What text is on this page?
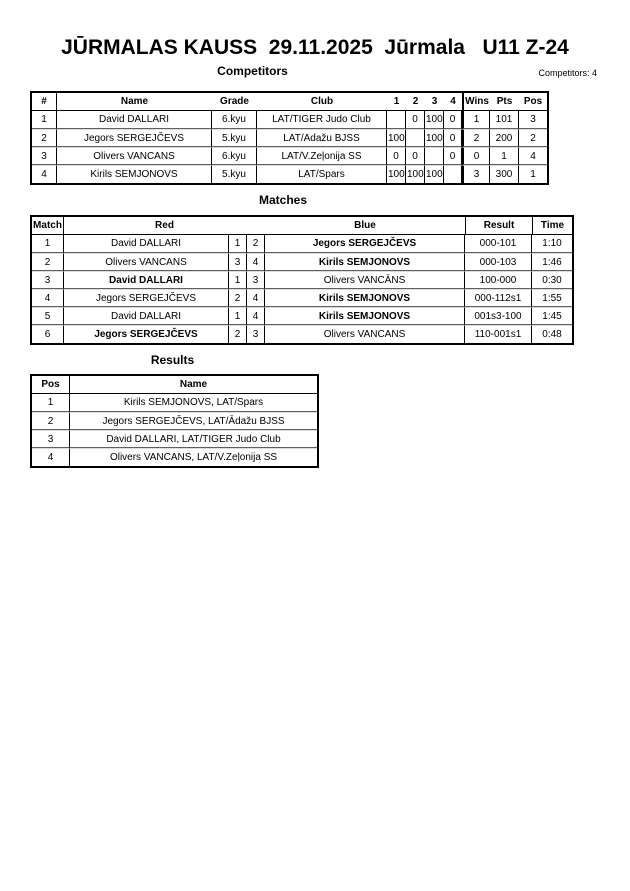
JŪRMALAS KAUSS  29.11.2025  Jūrmala   U11 Z-24
Competitors	Competitors: 4
#	Name	Grade	Club	1	2	3	4	Wins	Pts	Pos
1	David DALLARI	6.kyu	LAT/TIGER Judo Club		0	100	0	1	101	3
2	Jegors SERGEJČEVS	5.kyu	LAT/Adažu BJSS	100		100	0	2	200	2
3	Olivers VANCANS	6.kyu	LAT/V.Zeļonija SS	0	0		0	0	1	4
4	Kirils SEMJONOVS	5.kyu	LAT/Spars	100	100	100		3	300	1
Matches
Match	Red			Blue	Result	Time
1	David DALLARI	1	2	Jegors SERGEJČEVS	000-101	1:10
2	Olivers VANCANS	3	4	Kirils SEMJONOVS	000-103	1:46
3	David DALLARI	1	3	Olivers VANCĀNS	100-000	0:30
4	Jegors SERGEJČEVS	2	4	Kirils SEMJONOVS	000-112s1	1:55
5	David DALLARI	1	4	Kirils SEMJONOVS	001s3-100	1:45
6	Jegors SERGEJČEVS	2	3	Olivers VANCANS	110-001s1	0:48
Results
Pos	Name
1	Kirils SEMJONOVS, LAT/Spars
2	Jegors SERGEJČEVS, LAT/Ādažu BJSS
3	David DALLARI, LAT/TIGER Judo Club
4	Olivers VANCANS, LAT/V.Zeļonija SS
